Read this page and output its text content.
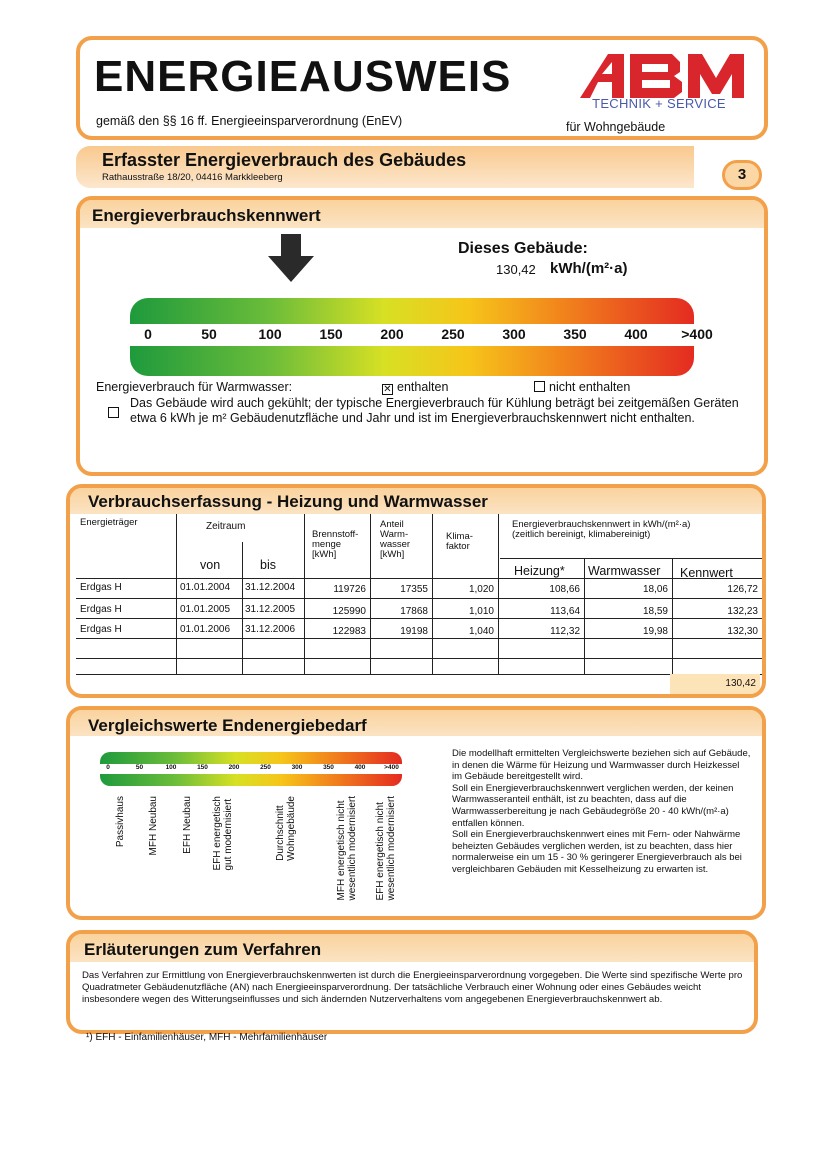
ENERGIEAUSWEIS
gemäß den §§ 16 ff. Energieeinsparverordnung (EnEV)
TECHNIK + SERVICE
für Wohngebäude
Erfasster Energieverbrauch des Gebäudes
Rathausstraße 18/20, 04416 Markkleeberg	3
Energieverbrauchskennwert
Dieses Gebäude:
130,42 kWh/(m²·a)
0	50	100	150	200	250	300	350	400 >400
Energieverbrauch für Warmwasser:	✕ enthalten	nicht enthalten
Das Gebäude wird auch gekühlt; der typische Energieverbrauch für Kühlung beträgt bei zeitgemäßen Geräten etwa 6 kWh je m² Gebäudenutzfläche und Jahr und ist im Energieverbrauchskennwert nicht enthalten.
Verbrauchserfassung - Heizung und Warmwasser
Energieträger	Zeitraum
von	bis
Brennstoff-
menge
[kWh]
Anteil
Warm-
wasser
[kWh]
Klima-
faktor
Energieverbrauchskennwert in kWh/(m²·a)
(zeitlich bereinigt, klimabereinigt)
Heizung* Warmwasser Kennwert
Erdgas H	01.01.2004	31.12.2004	119726	17355	1,020	108,66	18,06	126,72
Erdgas H	01.01.2005	31.12.2005	125990	17868	1,010	113,64	18,59	132,23
Erdgas H	01.01.2006	31.12.2006	122983	19198	1,040	112,32	19,98	132,30
130,42
Vergleichswerte Endenergiebedarf
0	50	100	150	200	250	300	350	400	>400
Passivhaus MFH Neubau EFH Neubau
EFH energetisch
gut modernisiert	Durchschnitt
Wohngebäude
MFH energetisch nicht
wesentlich modernisiert
EFH energetisch nicht
wesentlich modernisiert
Die modellhaft ermittelten Vergleichswerte beziehen sich auf Gebäude, in denen die Wärme für Heizung und Warmwasser durch Heizkessel im Gebäude bereitgestellt wird.
Soll ein Energieverbrauchskennwert verglichen werden, der keinen Warmwasseranteil enthält, ist zu beachten, dass auf die Warmwasserbereitung je nach Gebäudegröße 20 - 40 kWh/(m²·a) entfallen können.
Soll ein Energieverbrauchskennwert eines mit Fern- oder Nahwärme beheizten Gebäudes verglichen werden, ist zu beachten, dass hier normalerweise ein um 15 - 30 % geringerer Energieverbrauch als bei vergleichbaren Gebäuden mit Kesselheizung zu erwarten ist.
Erläuterungen zum Verfahren
Das Verfahren zur Ermittlung von Energieverbrauchskennwerten ist durch die Energieeinsparverordnung vorgegeben. Die Werte sind spezifische Werte pro Quadratmeter Gebäudenutzfläche (AN) nach Energieeinsparverordnung. Der tatsächliche Verbrauch einer Wohnung oder eines Gebäudes weicht insbesondere wegen des Witterungseinflusses und sich ändernden Nutzerverhaltens vom angegebenen Energieverbrauchskennwert ab.
¹) EFH - Einfamilienhäuser, MFH - Mehrfamilienhäuser
